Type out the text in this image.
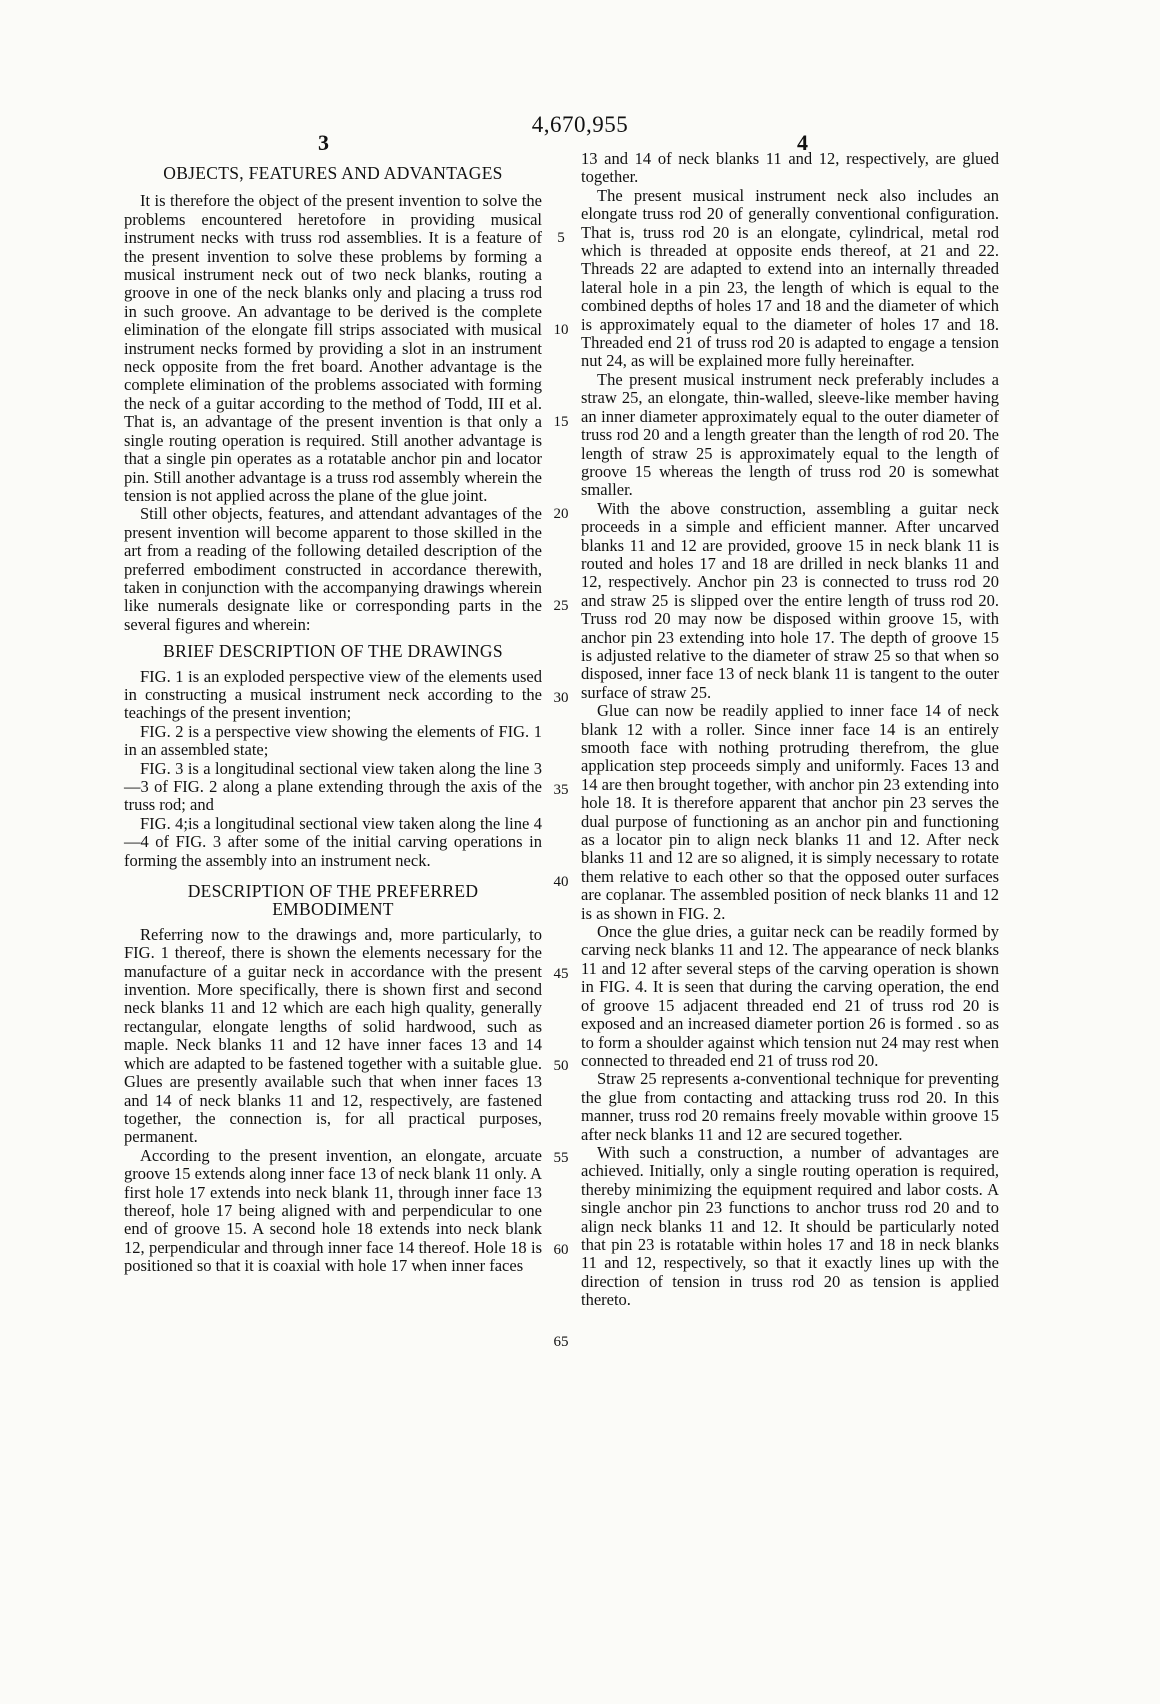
4,670,955
3	4
OBJECTS, FEATURES AND ADVANTAGES

It is therefore the object of the present invention to solve the problems encountered heretofore in providing musical instrument necks with truss rod assemblies. It is a feature of the present invention to solve these problems by forming a musical instrument neck out of two neck blanks, routing a groove in one of the neck blanks only and placing a truss rod in such groove. An advantage to be derived is the complete elimination of the elongate fill strips associated with musical instrument necks formed by providing a slot in an instrument neck opposite from the fret board. Another advantage is the complete elimination of the problems associated with forming the neck of a guitar according to the method of Todd, III et al. That is, an advantage of the present invention is that only a single routing operation is required. Still another advantage is that a single pin operates as a rotatable anchor pin and locator pin. Still another advantage is a truss rod assembly wherein the tension is not applied across the plane of the glue joint.

Still other objects, features, and attendant advantages of the present invention will become apparent to those skilled in the art from a reading of the following detailed description of the preferred embodiment constructed in accordance therewith, taken in conjunction with the accompanying drawings wherein like numerals designate like or corresponding parts in the several figures and wherein:

BRIEF DESCRIPTION OF THE DRAWINGS

FIG. 1 is an exploded perspective view of the elements used in constructing a musical instrument neck according to the teachings of the present invention;

FIG. 2 is a perspective view showing the elements of FIG. 1 in an assembled state;

FIG. 3 is a longitudinal sectional view taken along the line 3—3 of FIG. 2 along a plane extending through the axis of the truss rod; and

FIG. 4;is a longitudinal sectional view taken along the line 4—4 of FIG. 3 after some of the initial carving operations in forming the assembly into an instrument neck.

DESCRIPTION OF THE PREFERRED
EMBODIMENT

Referring now to the drawings and, more particularly, to FIG. 1 thereof, there is shown the elements necessary for the manufacture of a guitar neck in accordance with the present invention. More specifically, there is shown first and second neck blanks 11 and 12 which are each high quality, generally rectangular, elongate lengths of solid hardwood, such as maple. Neck blanks 11 and 12 have inner faces 13 and 14 which are adapted to be fastened together with a suitable glue. Glues are presently available such that when inner faces 13 and 14 of neck blanks 11 and 12, respectively, are fastened together, the connection is, for all practical purposes, permanent.

According to the present invention, an elongate, arcuate groove 15 extends along inner face 13 of neck blank 11 only. A first hole 17 extends into neck blank 11, through inner face 13 thereof, hole 17 being aligned with and perpendicular to one end of groove 15. A second hole 18 extends into neck blank 12, perpendicular and through inner face 14 thereof. Hole 18 is positioned so that it is coaxial with hole 17 when inner faces

5
10
15
20
25
30
35
40
45
50
55
60
65

13 and 14 of neck blanks 11 and 12, respectively, are glued together.

The present musical instrument neck also includes an elongate truss rod 20 of generally conventional configuration. That is, truss rod 20 is an elongate, cylindrical, metal rod which is threaded at opposite ends thereof, at 21 and 22. Threads 22 are adapted to extend into an internally threaded lateral hole in a pin 23, the length of which is equal to the combined depths of holes 17 and 18 and the diameter of which is approximately equal to the diameter of holes 17 and 18. Threaded end 21 of truss rod 20 is adapted to engage a tension nut 24, as will be explained more fully hereinafter.

The present musical instrument neck preferably includes a straw 25, an elongate, thin-walled, sleeve-like member having an inner diameter approximately equal to the outer diameter of truss rod 20 and a length greater than the length of rod 20. The length of straw 25 is approximately equal to the length of groove 15 whereas the length of truss rod 20 is somewhat smaller.

With the above construction, assembling a guitar neck proceeds in a simple and efficient manner. After uncarved blanks 11 and 12 are provided, groove 15 in neck blank 11 is routed and holes 17 and 18 are drilled in neck blanks 11 and 12, respectively. Anchor pin 23 is connected to truss rod 20 and straw 25 is slipped over the entire length of truss rod 20. Truss rod 20 may now be disposed within groove 15, with anchor pin 23 extending into hole 17. The depth of groove 15 is adjusted relative to the diameter of straw 25 so that when so disposed, inner face 13 of neck blank 11 is tangent to the outer surface of straw 25.

Glue can now be readily applied to inner face 14 of neck blank 12 with a roller. Since inner face 14 is an entirely smooth face with nothing protruding therefrom, the glue application step proceeds simply and uniformly. Faces 13 and 14 are then brought together, with anchor pin 23 extending into hole 18. It is therefore apparent that anchor pin 23 serves the dual purpose of functioning as an anchor pin and functioning as a locator pin to align neck blanks 11 and 12. After neck blanks 11 and 12 are so aligned, it is simply necessary to rotate them relative to each other so that the opposed outer surfaces are coplanar. The assembled position of neck blanks 11 and 12 is as shown in FIG. 2.

Once the glue dries, a guitar neck can be readily formed by carving neck blanks 11 and 12. The appearance of neck blanks 11 and 12 after several steps of the carving operation is shown in FIG. 4. It is seen that during the carving operation, the end of groove 15 adjacent threaded end 21 of truss rod 20 is exposed and an increased diameter portion 26 is formed . so as to form a shoulder against which tension nut 24 may rest when connected to threaded end 21 of truss rod 20.

Straw 25 represents a-conventional technique for preventing the glue from contacting and attacking truss rod 20. In this manner, truss rod 20 remains freely movable within groove 15 after neck blanks 11 and 12 are secured together.

With such a construction, a number of advantages are achieved. Initially, only a single routing operation is required, thereby minimizing the equipment required and labor costs. A single anchor pin 23 functions to anchor truss rod 20 and to align neck blanks 11 and 12. It should be particularly noted that pin 23 is rotatable within holes 17 and 18 in neck blanks 11 and 12, respectively, so that it exactly lines up with the direction of tension in truss rod 20 as tension is applied thereto.
